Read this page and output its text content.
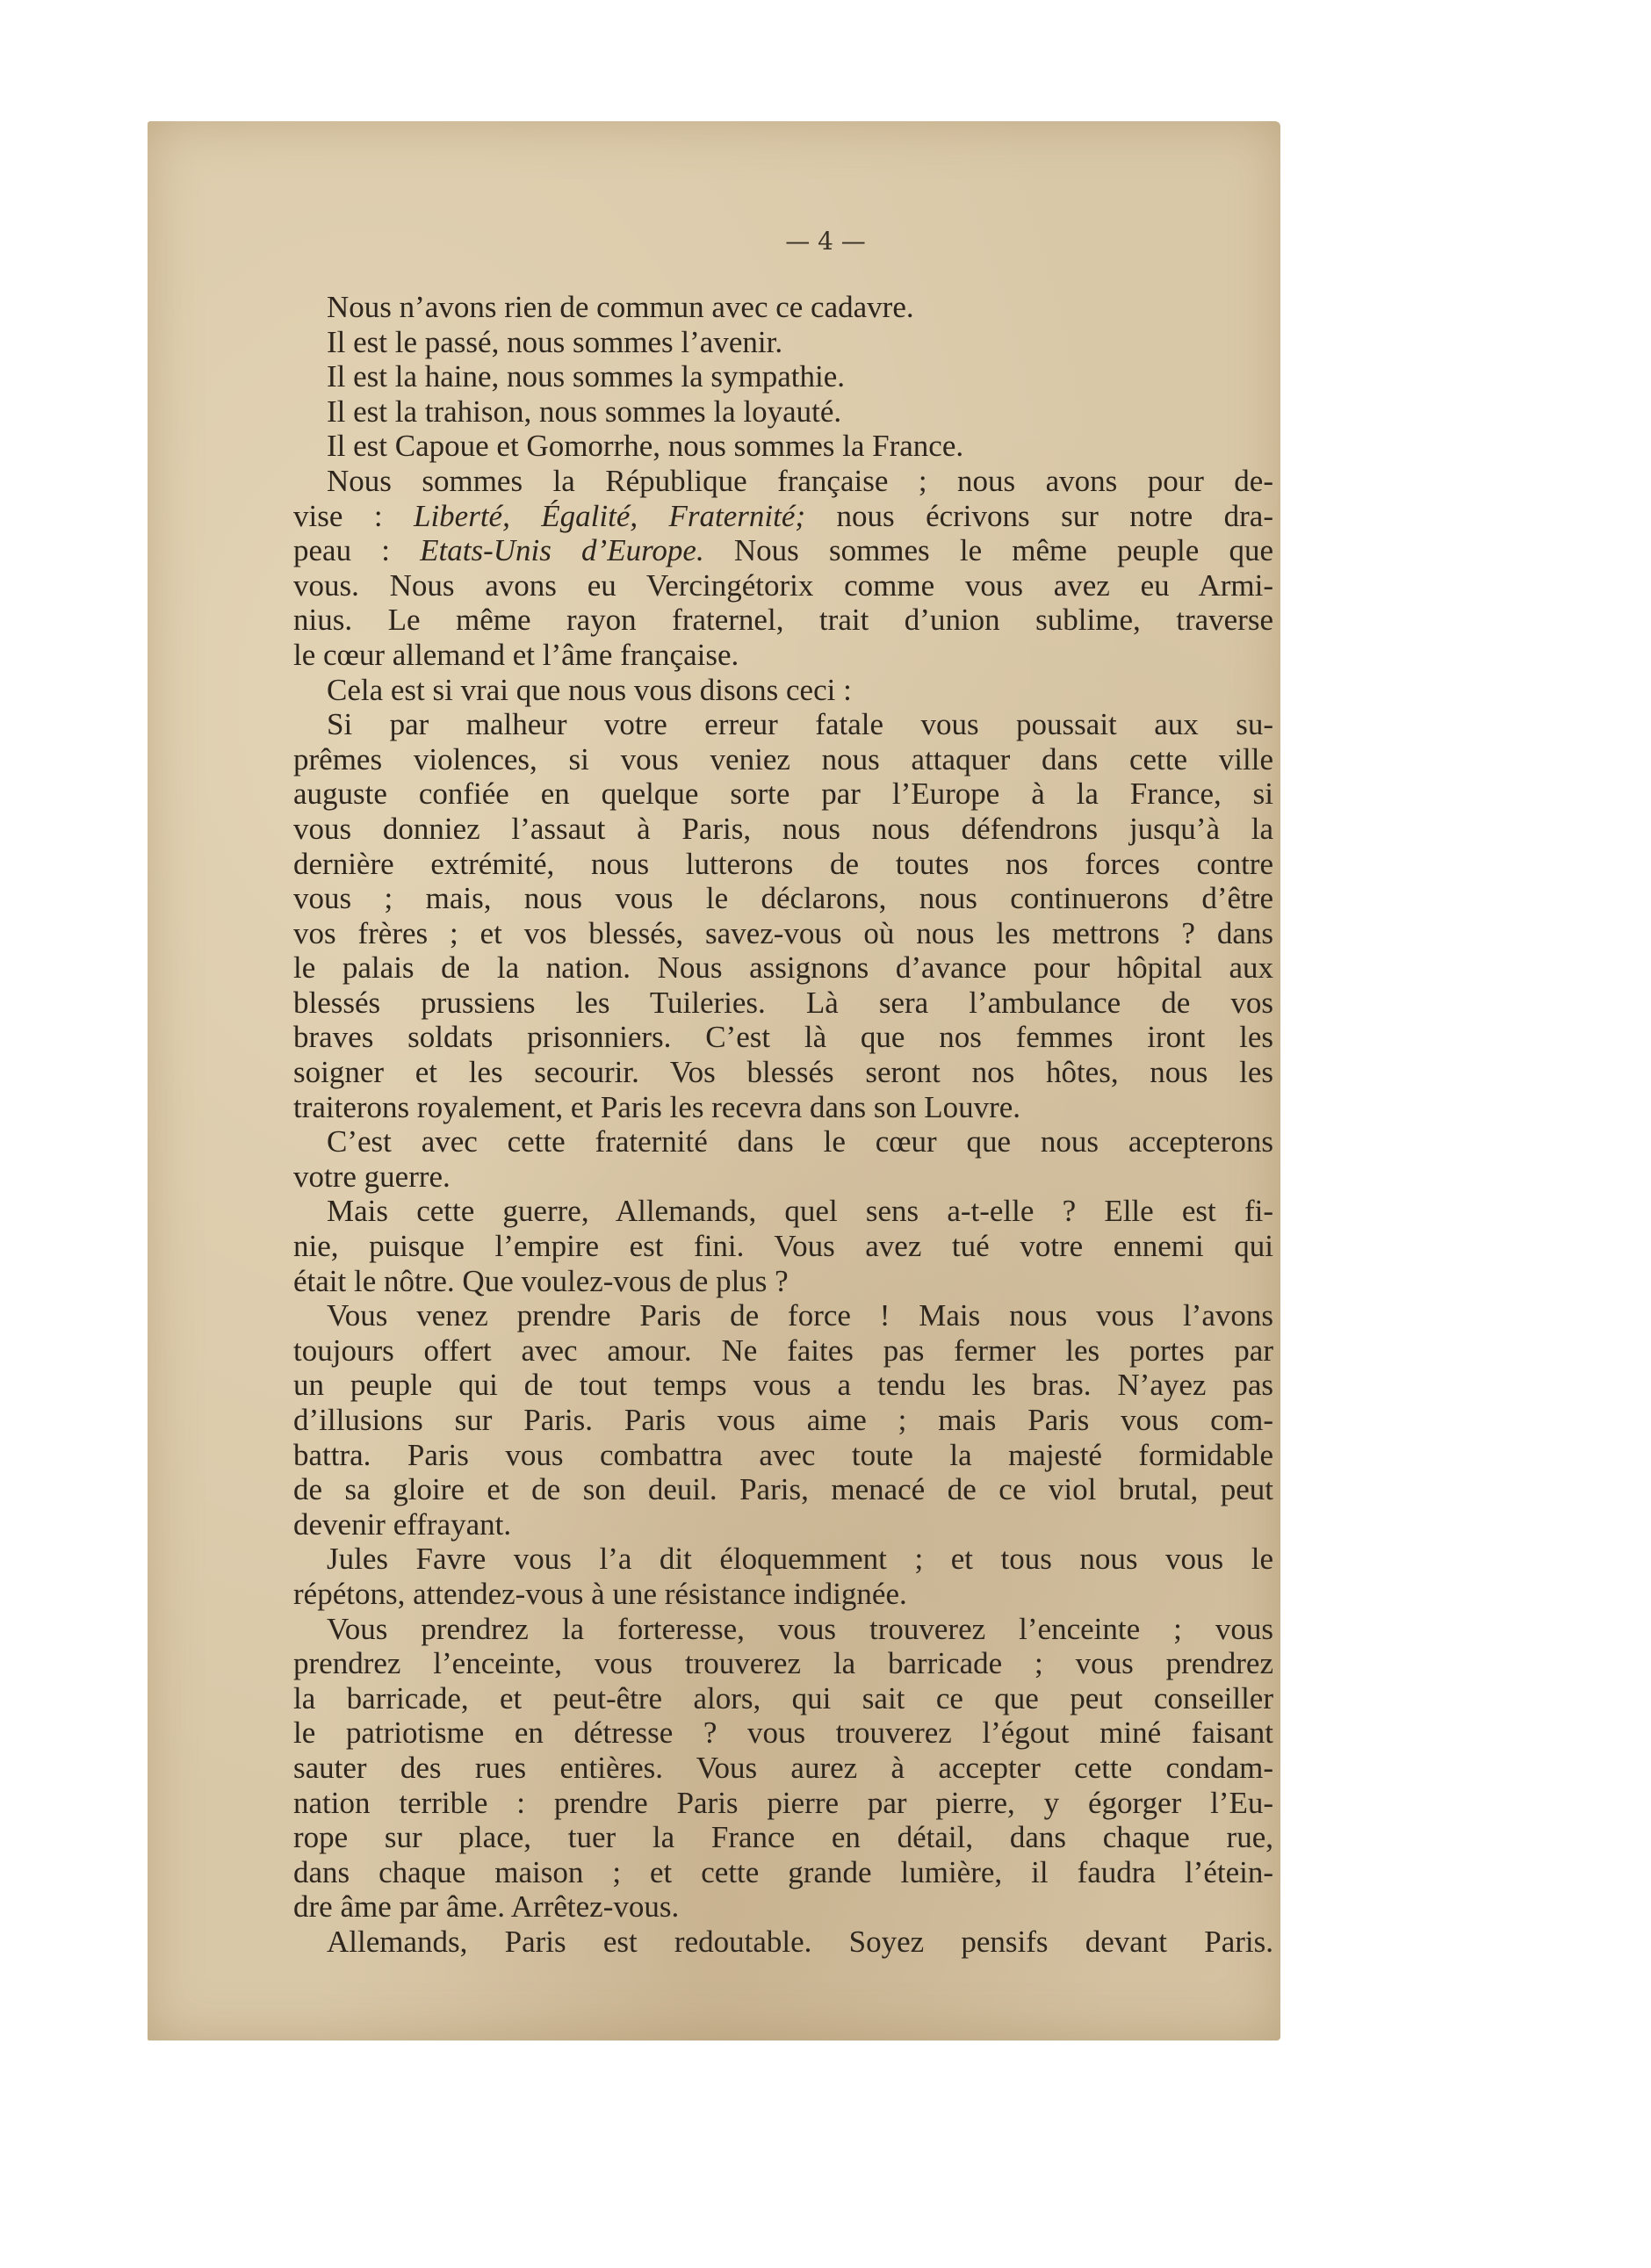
— 4 —
Nous n’avons rien de commun avec ce cadavre.
Il est le passé, nous sommes l’avenir.
Il est la haine, nous sommes la sympathie.
Il est la trahison, nous sommes la loyauté.
Il est Capoue et Gomorrhe, nous sommes la France.
Nous sommes la République française ; nous avons pour de-
vise : Liberté, Égalité, Fraternité; nous écrivons sur notre dra-
peau : Etats-Unis d’Europe. Nous sommes le même peuple que
vous. Nous avons eu Vercingétorix comme vous avez eu Armi-
nius. Le même rayon fraternel, trait d’union sublime, traverse
le cœur allemand et l’âme française.
Cela est si vrai que nous vous disons ceci :
Si par malheur votre erreur fatale vous poussait aux su-
prêmes violences, si vous veniez nous attaquer dans cette ville
auguste confiée en quelque sorte par l’Europe à la France, si
vous donniez l’assaut à Paris, nous nous défendrons jusqu’à la
dernière extrémité, nous lutterons de toutes nos forces contre
vous ; mais, nous vous le déclarons, nous continuerons d’être
vos frères ; et vos blessés, savez-vous où nous les mettrons ? dans
le palais de la nation. Nous assignons d’avance pour hôpital aux
blessés prussiens les Tuileries. Là sera l’ambulance de vos
braves soldats prisonniers. C’est là que nos femmes iront les
soigner et les secourir. Vos blessés seront nos hôtes, nous les
traiterons royalement, et Paris les recevra dans son Louvre.
C’est avec cette fraternité dans le cœur que nous accepterons
votre guerre.
Mais cette guerre, Allemands, quel sens a-t-elle ? Elle est fi-
nie, puisque l’empire est fini. Vous avez tué votre ennemi qui
était le nôtre. Que voulez-vous de plus ?
Vous venez prendre Paris de force ! Mais nous vous l’avons
toujours offert avec amour. Ne faites pas fermer les portes par
un peuple qui de tout temps vous a tendu les bras. N’ayez pas
d’illusions sur Paris. Paris vous aime ; mais Paris vous com-
battra. Paris vous combattra avec toute la majesté formidable
de sa gloire et de son deuil. Paris, menacé de ce viol brutal, peut
devenir effrayant.
Jules Favre vous l’a dit éloquemment ; et tous nous vous le
répétons, attendez-vous à une résistance indignée.
Vous prendrez la forteresse, vous trouverez l’enceinte ; vous
prendrez l’enceinte, vous trouverez la barricade ; vous prendrez
la barricade, et peut-être alors, qui sait ce que peut conseiller
le patriotisme en détresse ? vous trouverez l’égout miné faisant
sauter des rues entières. Vous aurez à accepter cette condam-
nation terrible : prendre Paris pierre par pierre, y égorger l’Eu-
rope sur place, tuer la France en détail, dans chaque rue,
dans chaque maison ; et cette grande lumière, il faudra l’étein-
dre âme par âme. Arrêtez-vous.
Allemands, Paris est redoutable. Soyez pensifs devant Paris.
